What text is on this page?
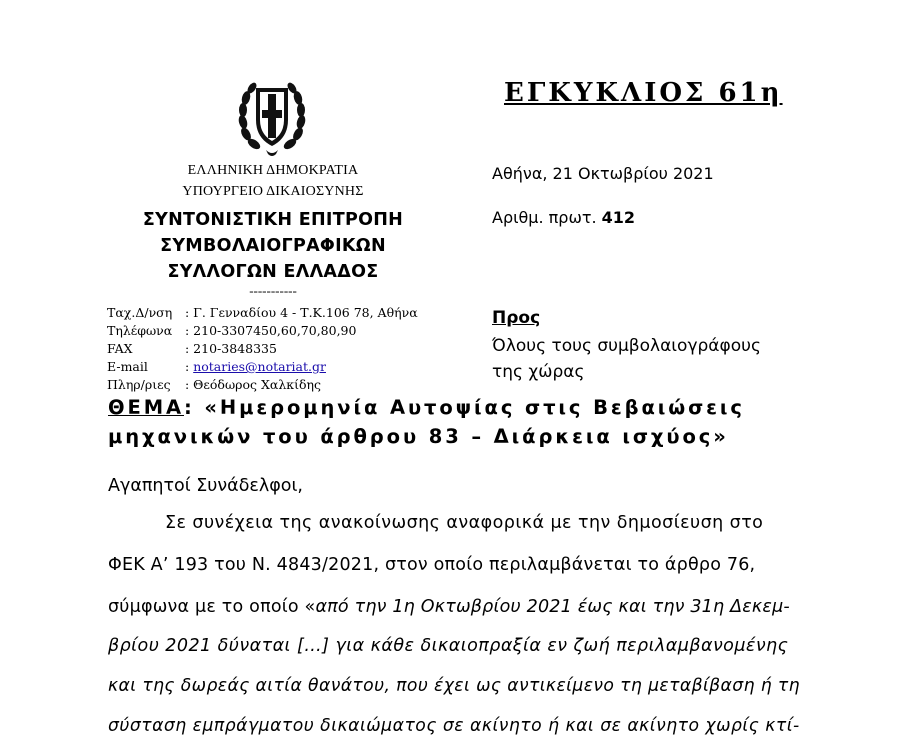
ΕΛΛΗΝΙΚΗ ΔΗΜΟΚΡΑΤΙΑ
ΥΠΟΥΡΓΕΙΟ ΔΙΚΑΙΟΣΥΝΗΣ
ΣΥΝΤΟΝΙΣΤΙΚΗ ΕΠΙΤΡΟΠΗ
ΣΥΜΒΟΛΑΙΟΓΡΑΦΙΚΩΝ
ΣΥΛΛΟΓΩΝ ΕΛΛΑΔΟΣ
-----------
Ταχ.Δ/νση : Γ. Γενναδίου 4 - Τ.Κ.106 78, Αθήνα
Τηλέφωνα : 210-3307450,60,70,80,90
FAX	: 210-3848335
E-mail	: notaries@notariat.gr
Πληρ/ριες : Θεόδωρος Χαλκίδης
ΕΓΚΥΚΛΙΟΣ 61η
Αθήνα, 21 Οκτωβρίου 2021
Αριθμ. πρωτ. 412
Προς
Όλους τους συμβολαιογράφους
της χώρας
ΘΕΜΑ: «Ημερομηνία Αυτοψίας στις Βεβαιώσεις
μηχανικών του άρθρου 83 – Διάρκεια ισχύος»
Αγαπητοί Συνάδελφοι,
Σε συνέχεια της ανακοίνωσης αναφορικά με την δημοσίευση στο
ΦΕΚ Α’ 193 του Ν. 4843/2021, στον οποίο περιλαμβάνεται το άρθρο 76,
σύμφωνα με το οποίο «από την 1η Οκτωβρίου 2021 έως και την 31η Δεκεμ-
βρίου 2021 δύναται […] για κάθε δικαιοπραξία εν ζωή περιλαμβανομένης
και της δωρεάς αιτία θανάτου, που έχει ως αντικείμενο τη μεταβίβαση ή τη
σύσταση εμπράγματου δικαιώματος σε ακίνητο ή και σε ακίνητο χωρίς κτί-
